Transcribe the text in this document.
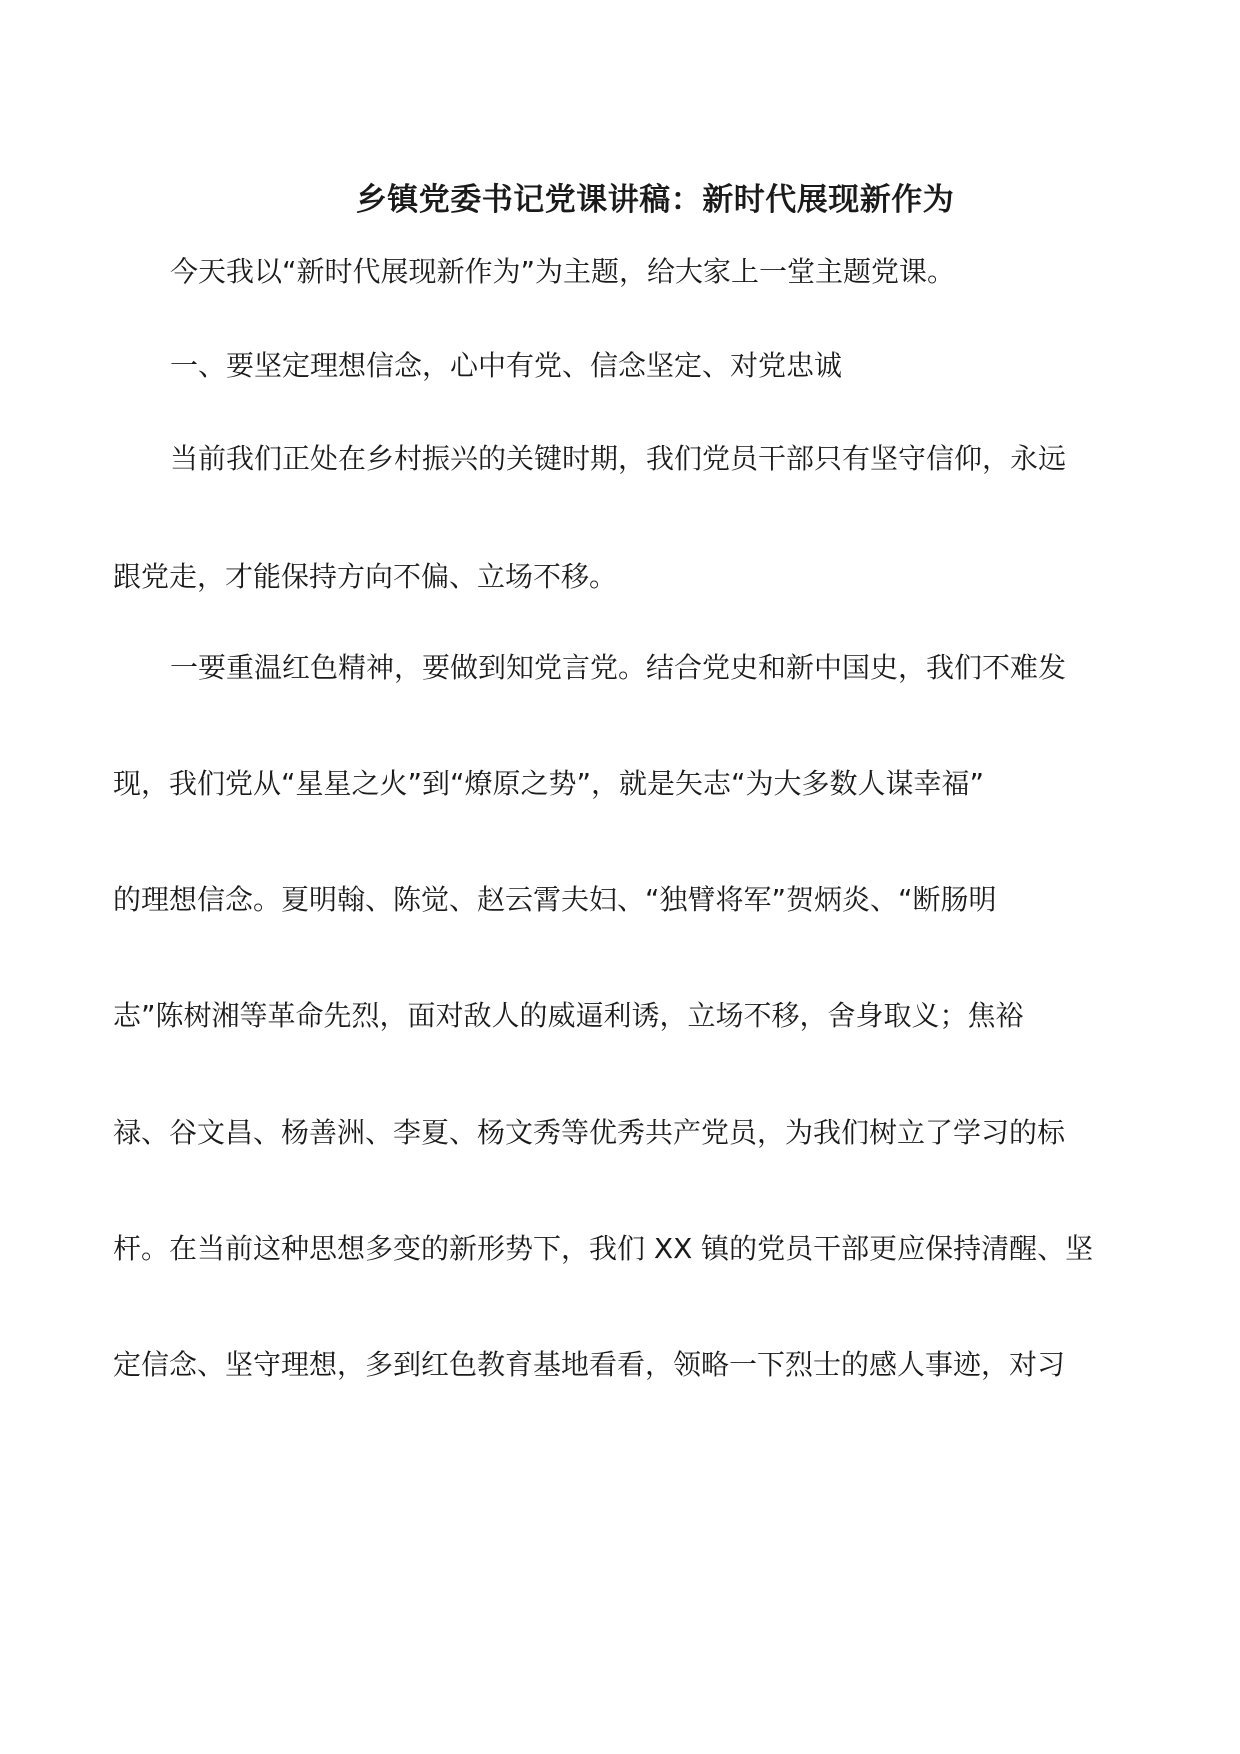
乡镇党委书记党课讲稿：新时代展现新作为
今天我以“新时代展现新作为”为主题，给大家上一堂主题党课。
一、要坚定理想信念，心中有党、信念坚定、对党忠诚
当前我们正处在乡村振兴的关键时期，我们党员干部只有坚守信仰，永远
跟党走，才能保持方向不偏、立场不移。
一要重温红色精神，要做到知党言党。结合党史和新中国史，我们不难发
现，我们党从“星星之火”到“燎原之势”，就是矢志“为大多数人谋幸福”
的理想信念。夏明翰、陈觉、赵云霄夫妇、“独臂将军”贺炳炎、“断肠明
志”陈树湘等革命先烈，面对敌人的威逼利诱，立场不移，舍身取义；焦裕
禄、谷文昌、杨善洲、李夏、杨文秀等优秀共产党员，为我们树立了学习的标
杆。在当前这种思想多变的新形势下，我们 XX 镇的党员干部更应保持清醒、坚
定信念、坚守理想，多到红色教育基地看看，领略一下烈士的感人事迹，对习
